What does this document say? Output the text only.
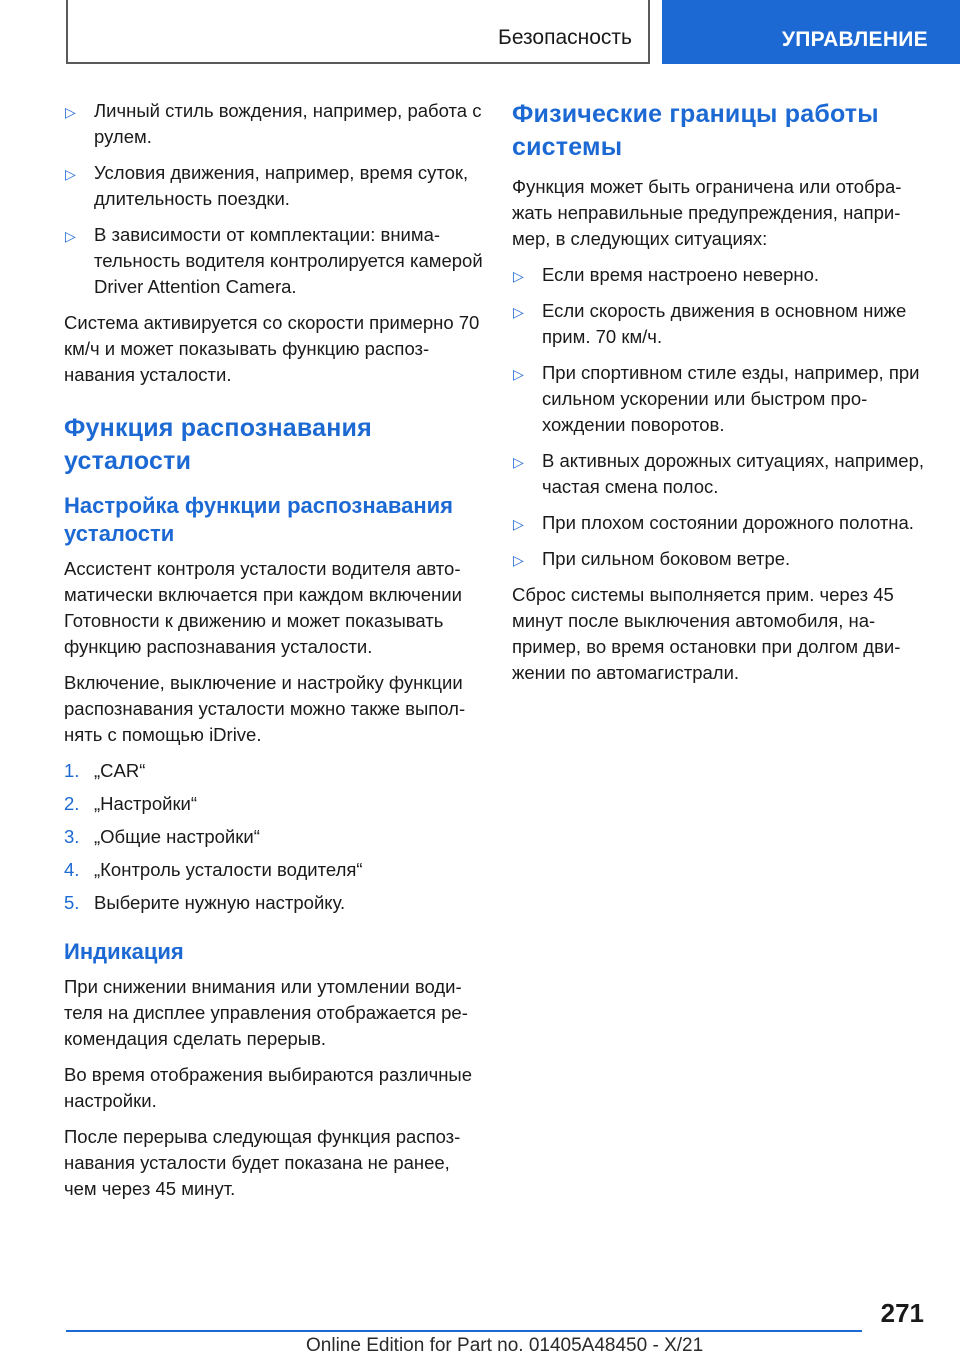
Безопасность	УПРАВЛЕНИЕ
▷ Личный стиль вождения, например, работа с рулем.
▷ Условия движения, например, время суток, длительность поездки.
▷ В зависимости от комплектации: внимательность водителя контролируется камерой Driver Attention Camera.

Система активируется со скорости примерно 70 км/ч и может показывать функцию распознавания усталости.

Функция распознавания усталости
Настройка функции распознавания усталости

Ассистент контроля усталости водителя автоматически включается при каждом включении Готовности к движению и может показывать функцию распознавания усталости.

Включение, выключение и настройку функции распознавания усталости можно также выполнять с помощью iDrive.

1. „CAR“
2. „Настройки“
3. „Общие настройки“
4. „Контроль усталости водителя“
5. Выберите нужную настройку.
Индикация

При снижении внимания или утомлении водителя на дисплее управления отображается рекомендация сделать перерыв.

Во время отображения выбираются различные настройки.

После перерыва следующая функция распознавания усталости будет показана не ранее, чем через 45 минут.

Физические границы работы системы

Функция может быть ограничена или отображать неправильные предупреждения, например, в следующих ситуациях:

▷ Если время настроено неверно.
▷ Если скорость движения в основном ниже прим. 70 км/ч.
▷ При спортивном стиле езды, например, при сильном ускорении или быстром прохождении поворотов.
▷ В активных дорожных ситуациях, например, частая смена полос.
▷ При плохом состоянии дорожного полотна.
▷ При сильном боковом ветре.

Сброс системы выполняется прим. через 45 минут после выключения автомобиля, например, во время остановки при долгом движении по автомагистрали.

271
Online Edition for Part no. 01405A48450 - X/21
